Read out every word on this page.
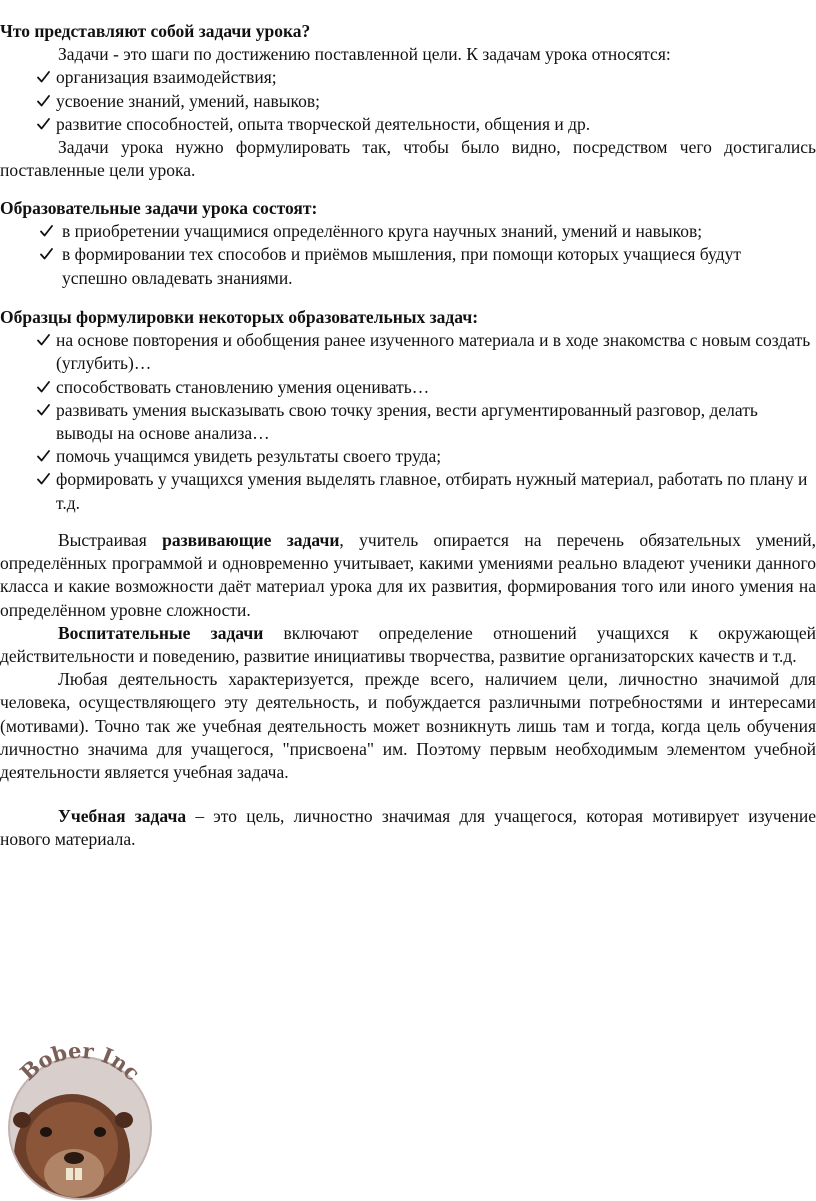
Что представляют собой задачи урока?

Задачи - это шаги по достижению поставленной цели. К задачам урока относятся:

организация взаимодействия;
усвоение знаний, умений, навыков;
развитие способностей, опыта творческой деятельности, общения и др.

Задачи урока нужно формулировать так, чтобы было видно, посредством чего достигались поставленные цели урока.

Образовательные задачи урока состоят:
в приобретении учащимися определённого круга научных знаний, умений и навыков;
в формировании тех способов и приёмов мышления, при помощи которых учащиеся будут успешно овладевать знаниями.
Образцы формулировки некоторых образовательных задач:
на основе повторения и обобщения ранее изученного материала и в ходе знакомства с новым создать (углубить)…
способствовать становлению умения оценивать…
развивать умения высказывать свою точку зрения, вести аргументированный разговор, делать выводы на основе анализа…
помочь учащимся увидеть результаты своего труда;
формировать у учащихся умения выделять главное, отбирать нужный материал, работать по плану и т.д.

Выстраивая развивающие задачи, учитель опирается на перечень обязательных умений, определённых программой и одновременно учитывает, какими умениями реально владеют ученики данного класса и какие возможности даёт материал урока для их развития, формирования того или иного умения на определённом уровне сложности.

Воспитательные задачи включают определение отношений учащихся к окружающей действительности и поведению, развитие инициативы творчества, развитие организаторских качеств и т.д.

Любая деятельность характеризуется, прежде всего, наличием цели, личностно значимой для человека, осуществляющего эту деятельность, и побуждается различными потребностями и интересами (мотивами). Точно так же учебная деятельность может возникнуть лишь там и тогда, когда цель обучения личностно значима для учащегося, "присвоена" им. Поэтому первым необходимым элементом учебной деятельности является учебная задача.

Учебная задача – это цель, личностно значимая для учащегося, которая мотивирует изучение нового материала.

Bober Inc
